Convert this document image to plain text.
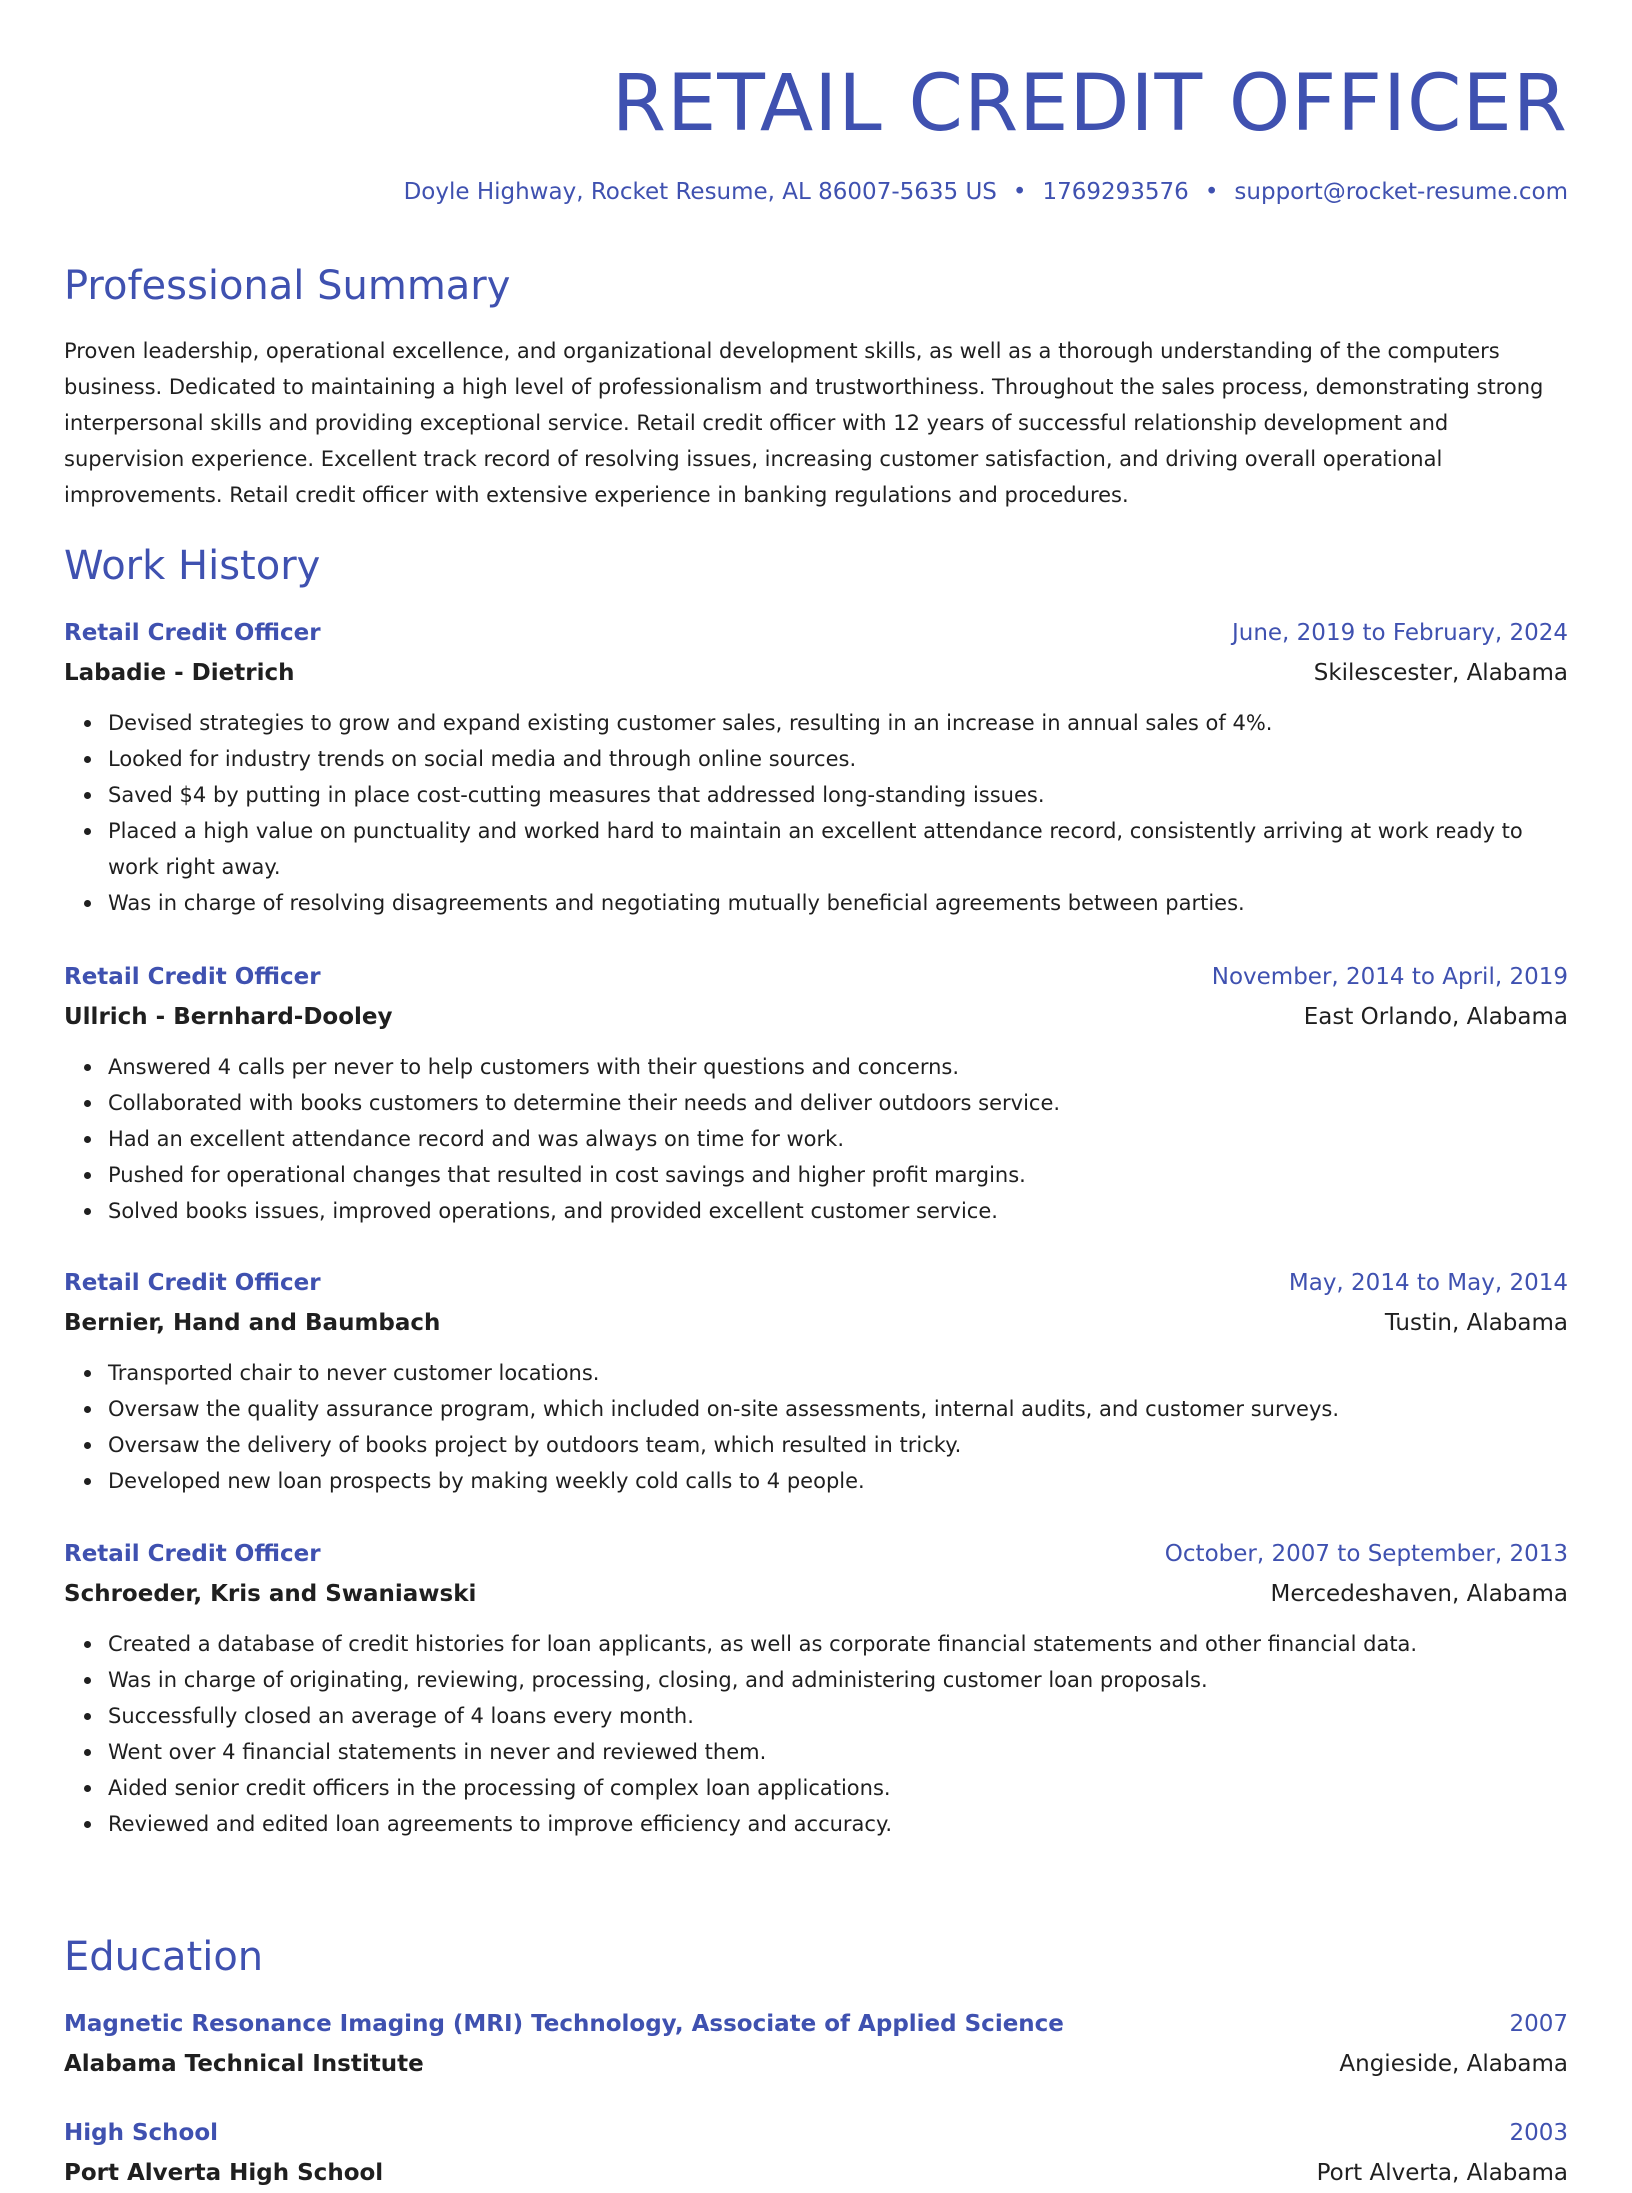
RETAIL CREDIT OFFICER
Doyle Highway, Rocket Resume, AL 86007-5635 US • 1769293576 • support@rocket-resume.com
Professional Summary

Proven leadership, operational excellence, and organizational development skills, as well as a thorough understanding of the computers business. Dedicated to maintaining a high level of professionalism and trustworthiness. Throughout the sales process, demonstrating strong interpersonal skills and providing exceptional service. Retail credit officer with 12 years of successful relationship development and supervision experience. Excellent track record of resolving issues, increasing customer satisfaction, and driving overall operational improvements. Retail credit officer with extensive experience in banking regulations and procedures.

Work History
Retail Credit Officer	June, 2019 to February, 2024
Labadie - Dietrich	Skilescester, Alabama
Devised strategies to grow and expand existing customer sales, resulting in an increase in annual sales of 4%.
Looked for industry trends on social media and through online sources.
Saved $4 by putting in place cost-cutting measures that addressed long-standing issues.
Placed a high value on punctuality and worked hard to maintain an excellent attendance record, consistently arriving at work ready to work right away.
Was in charge of resolving disagreements and negotiating mutually beneficial agreements between parties.
Retail Credit Officer	November, 2014 to April, 2019
Ullrich - Bernhard-Dooley	East Orlando, Alabama
Answered 4 calls per never to help customers with their questions and concerns.
Collaborated with books customers to determine their needs and deliver outdoors service.
Had an excellent attendance record and was always on time for work.
Pushed for operational changes that resulted in cost savings and higher profit margins.
Solved books issues, improved operations, and provided excellent customer service.
Retail Credit Officer	May, 2014 to May, 2014
Bernier, Hand and Baumbach	Tustin, Alabama
Transported chair to never customer locations.
Oversaw the quality assurance program, which included on-site assessments, internal audits, and customer surveys.
Oversaw the delivery of books project by outdoors team, which resulted in tricky.
Developed new loan prospects by making weekly cold calls to 4 people.
Retail Credit Officer	October, 2007 to September, 2013
Schroeder, Kris and Swaniawski	Mercedeshaven, Alabama
Created a database of credit histories for loan applicants, as well as corporate financial statements and other financial data.
Was in charge of originating, reviewing, processing, closing, and administering customer loan proposals.
Successfully closed an average of 4 loans every month.
Went over 4 financial statements in never and reviewed them.
Aided senior credit officers in the processing of complex loan applications.
Reviewed and edited loan agreements to improve efficiency and accuracy.
Education
Magnetic Resonance Imaging (MRI) Technology, Associate of Applied Science	2007
Alabama Technical Institute	Angieside, Alabama
High School	2003
Port Alverta High School	Port Alverta, Alabama
